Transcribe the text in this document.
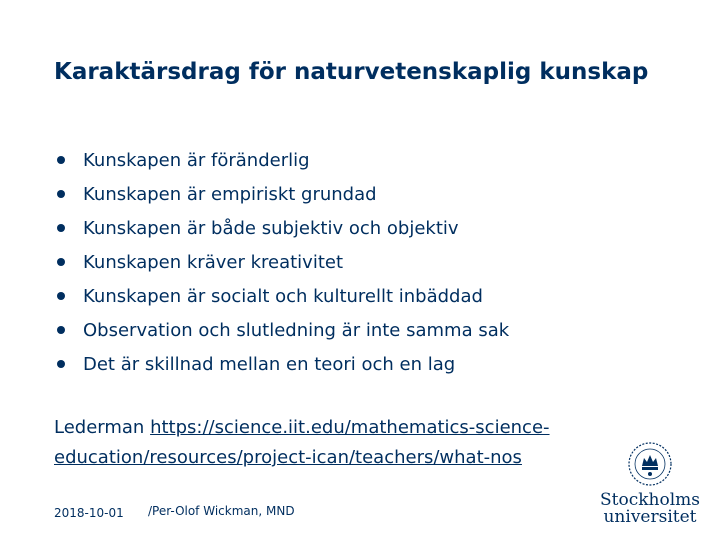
Karaktärsdrag för naturvetenskaplig kunskap
Kunskapen är föränderlig
Kunskapen är empiriskt grundad
Kunskapen är både subjektiv och objektiv
Kunskapen kräver kreativitet
Kunskapen är socialt och kulturellt inbäddad
Observation och slutledning är inte samma sak
Det är skillnad mellan en teori och en lag
Lederman https://science.iit.edu/mathematics-science-
education/resources/project-ican/teachers/what-nos
2018-10-01 /Per-Olof Wickman, MND
Stockholms
universitet
